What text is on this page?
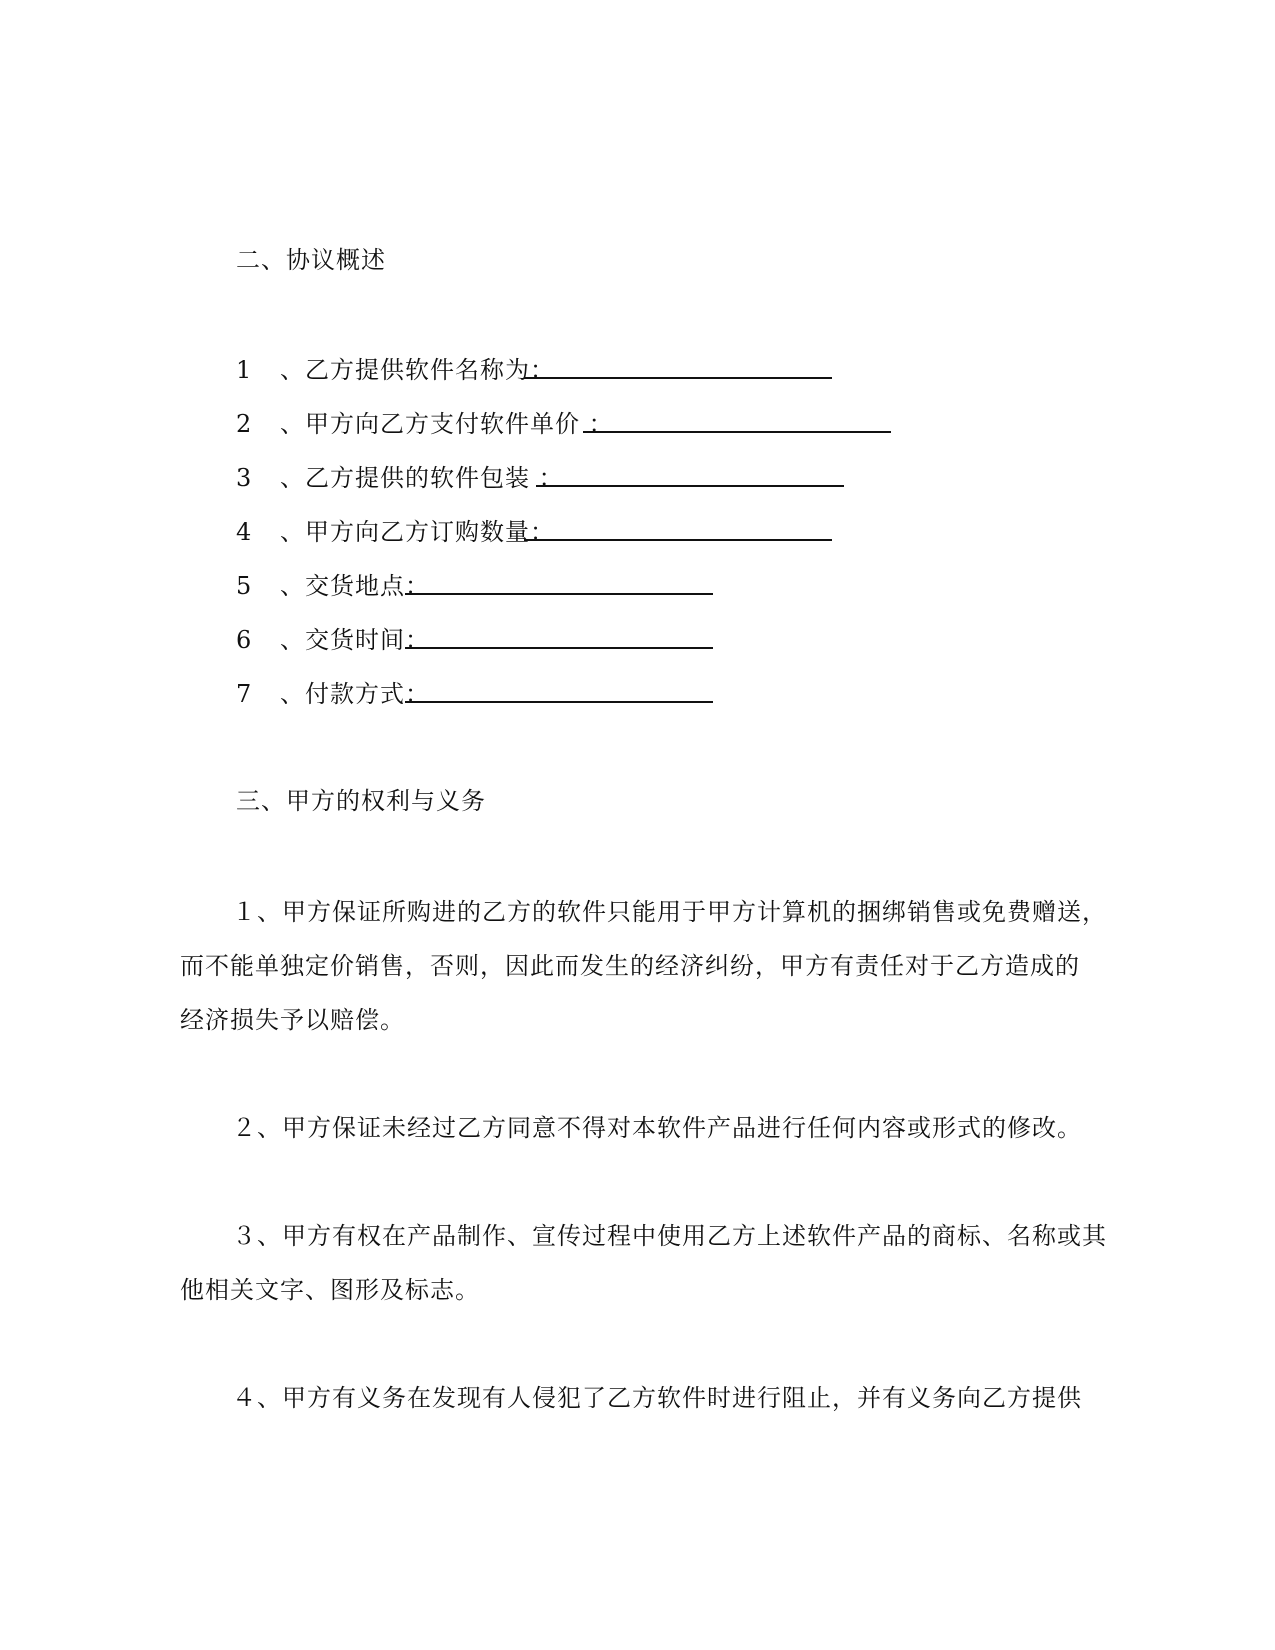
二、协议概述
1	、乙方提供软件名称为：
2	、甲方向乙方支付软件单价 ：
3	、乙方提供的软件包装 ：
4	、甲方向乙方订购数量：
5	、交货地点：
6	、交货时间：
7	、付款方式：
三、甲方的权利与义务
１、甲方保证所购进的乙方的软件只能用于甲方计算机的捆绑销售或免费赠送，
而不能单独定价销售，否则，因此而发生的经济纠纷，甲方有责任对于乙方造成的
经济损失予以赔偿。
２、甲方保证未经过乙方同意不得对本软件产品进行任何内容或形式的修改。
３、甲方有权在产品制作、宣传过程中使用乙方上述软件产品的商标、名称或其
他相关文字、图形及标志。
４、甲方有义务在发现有人侵犯了乙方软件时进行阻止，并有义务向乙方提供
